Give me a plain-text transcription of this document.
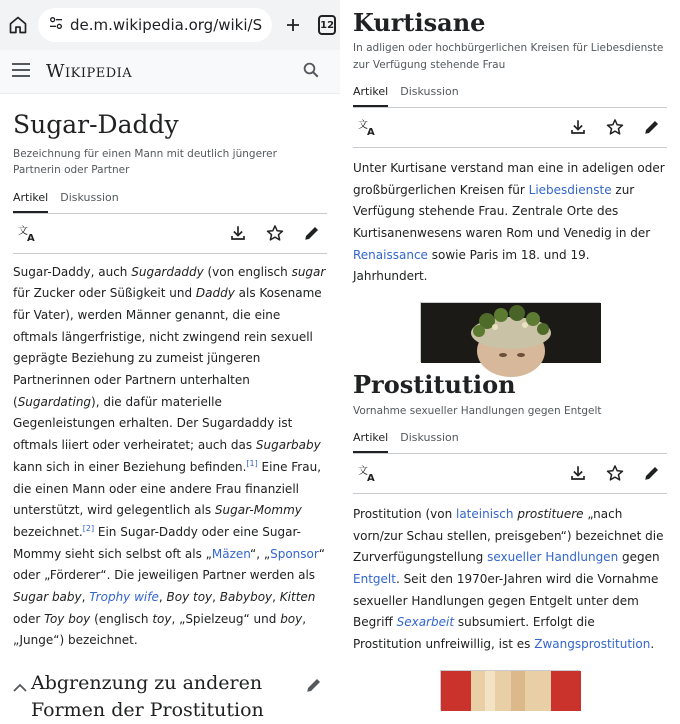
de.m.wikipedia.org/wiki/S	12
Wikipedia
Sugar-Daddy
Bezeichnung für einen Mann mit deutlich jüngerer Partnerin oder Partner
Artikel Diskussion
文
A

Sugar-Daddy, auch Sugardaddy (von englisch sugar für Zucker oder Süßigkeit und Daddy als Kosename für Vater), werden Männer genannt, die eine oftmals längerfristige, nicht zwingend rein sexuell geprägte Beziehung zu zumeist jüngeren Partnerinnen oder Partnern unterhalten (Sugardating), die dafür materielle Gegenleistungen erhalten. Der Sugardaddy ist oftmals liiert oder verheiratet; auch das Sugarbaby kann sich in einer Beziehung befinden.[1] Eine Frau, die einen Mann oder eine andere Frau finanziell unterstützt, wird gelegentlich als Sugar-Mommy bezeichnet.[2] Ein Sugar-Daddy oder eine Sugar-Mommy sieht sich selbst oft als „Mäzen“, „Sponsor“ oder „Förderer“. Die jeweiligen Partner werden als Sugar baby, Trophy wife, Boy toy, Babyboy, Kitten oder Toy boy (englisch toy, „Spielzeug“ und boy, „Junge“) bezeichnet.

Abgrenzung zu anderen Formen der Prostitution
Kurtisane
In adligen oder hochbürgerlichen Kreisen für Liebesdienste zur Verfügung stehende Frau
Artikel Diskussion
文
A

Unter Kurtisane verstand man eine in adeligen oder großbürgerlichen Kreisen für Liebesdienste zur Verfügung stehende Frau. Zentrale Orte des Kurtisanenwesens waren Rom und Venedig in der Renaissance sowie Paris im 18. und 19. Jahrhundert.

Prostitution
Vornahme sexueller Handlungen gegen Entgelt
Artikel Diskussion
文
A

Prostitution (von lateinisch prostituere „nach vorn/zur Schau stellen, preisgeben“) bezeichnet die Zurverfügungstellung sexueller Handlungen gegen Entgelt. Seit den 1970er-Jahren wird die Vornahme sexueller Handlungen gegen Entgelt unter dem Begriff Sexarbeit subsumiert. Erfolgt die Prostitution unfreiwillig, ist es Zwangsprostitution.
